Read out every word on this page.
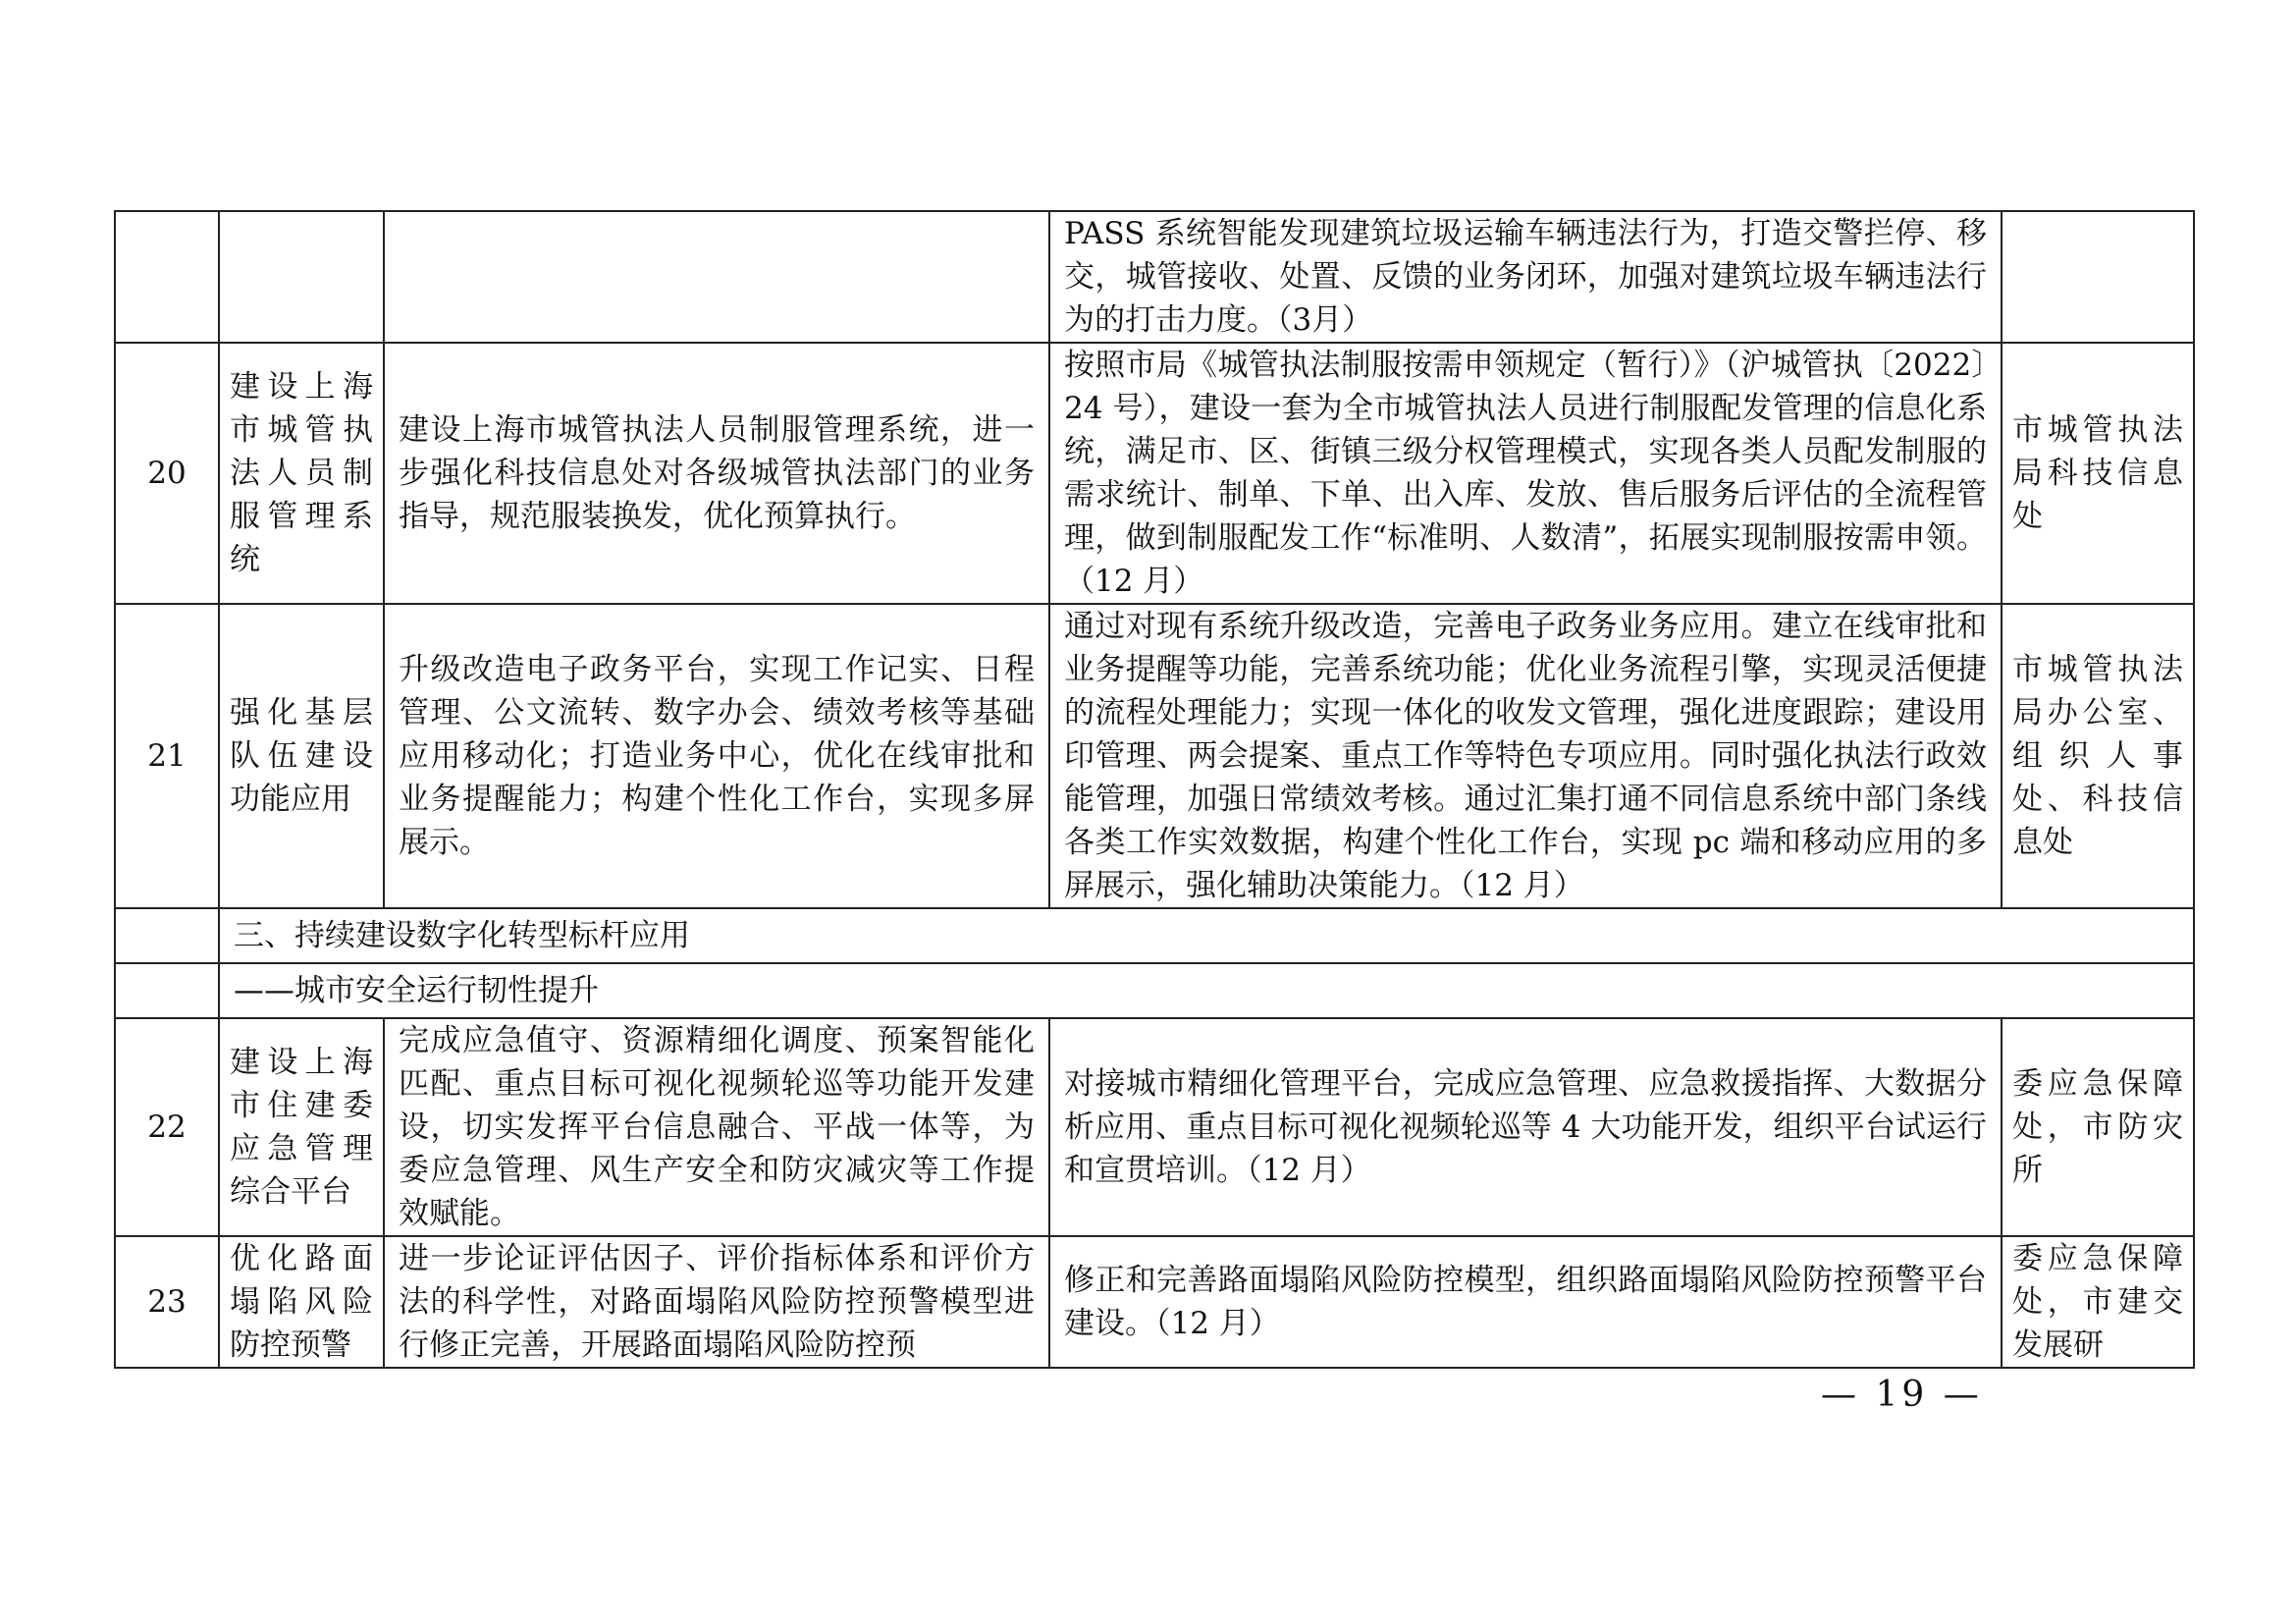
			PASS 系统智能发现建筑垃圾运输车辆违法行为，打造交警拦停、移交，城管接收、处置、反馈的业务闭环，加强对建筑垃圾车辆违法行为的打击力度。（3月）	
20	建设上海市城管执法人员制服管理系统	建设上海市城管执法人员制服管理系统，进一步强化科技信息处对各级城管执法部门的业务指导，规范服装换发，优化预算执行。	按照市局《城管执法制服按需申领规定（暂行）》（沪城管执〔2022〕24 号），建设一套为全市城管执法人员进行制服配发管理的信息化系统，满足市、区、街镇三级分权管理模式，实现各类人员配发制服的需求统计、制单、下单、出入库、发放、售后服务后评估的全流程管理，做到制服配发工作“标准明、人数清”，拓展实现制服按需申领。（12 月）	市城管执法局科技信息处
21	强化基层队伍建设功能应用	升级改造电子政务平台，实现工作记实、日程管理、公文流转、数字办会、绩效考核等基础应用移动化；打造业务中心，优化在线审批和业务提醒能力；构建个性化工作台，实现多屏展示。	通过对现有系统升级改造，完善电子政务业务应用。建立在线审批和业务提醒等功能，完善系统功能；优化业务流程引擎，实现灵活便捷的流程处理能力；实现一体化的收发文管理，强化进度跟踪；建设用印管理、两会提案、重点工作等特色专项应用。同时强化执法行政效能管理，加强日常绩效考核。通过汇集打通不同信息系统中部门条线各类工作实效数据，构建个性化工作台，实现 pc 端和移动应用的多屏展示，强化辅助决策能力。（12 月）	市城管执法局办公室、组织人事处、科技信息处
	三、持续建设数字化转型标杆应用			
	——城市安全运行韧性提升			
22	建设上海市住建委应急管理综合平台	完成应急值守、资源精细化调度、预案智能化匹配、重点目标可视化视频轮巡等功能开发建设，切实发挥平台信息融合、平战一体等，为委应急管理、风生产安全和防灾减灾等工作提效赋能。	对接城市精细化管理平台，完成应急管理、应急救援指挥、大数据分析应用、重点目标可视化视频轮巡等 4 大功能开发，组织平台试运行和宣贯培训。（12 月）	委应急保障处，市防灾所
23	优化路面塌陷风险防控预警	进一步论证评估因子、评价指标体系和评价方法的科学性，对路面塌陷风险防控预警模型进行修正完善，开展路面塌陷风险防控预	修正和完善路面塌陷风险防控模型，组织路面塌陷风险防控预警平台建设。（12 月）	委应急保障处，市建交发展研
— 19 —
